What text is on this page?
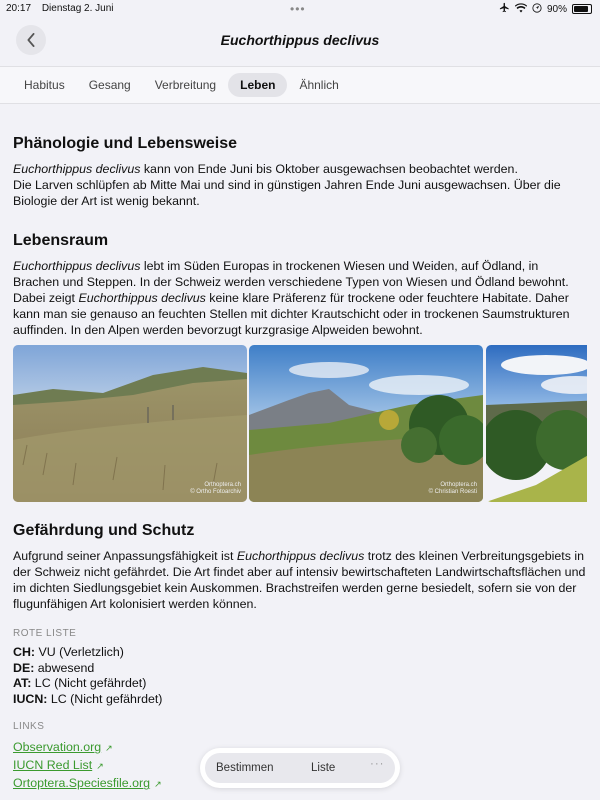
20:17 Dienstag 2. Juni	•••	90%
Euchorthippus declivus
Habitus	Gesang	Verbreitung	Leben	Ähnlich
Phänologie und Lebensweise

Euchorthippus declivus kann von Ende Juni bis Oktober ausgewachsen beobachtet werden.
Die Larven schlüpfen ab Mitte Mai und sind in günstigen Jahren Ende Juni ausgewachsen. Über die Biologie der Art ist wenig bekannt.

Lebensraum

Euchorthippus declivus lebt im Süden Europas in trockenen Wiesen und Weiden, auf Ödland, in Brachen und Steppen. In der Schweiz werden verschiedene Typen von Wiesen und Ödland bewohnt. Dabei zeigt Euchorthippus declivus keine klare Präferenz für trockene oder feuchtere Habitate. Daher kann man sie genauso an feuchten Stellen mit dichter Krautschicht oder in trockenen Saumstrukturen auffinden. In den Alpen werden bevorzugt kurzgrasige Alpweiden bewohnt.

Orthoptera.ch
© Ortho Fotoarchiv
Orthoptera.ch
© Christian Roesti
Gefährdung und Schutz

Aufgrund seiner Anpassungsfähigkeit ist Euchorthippus declivus trotz des kleinen Verbreitungsgebiets in der Schweiz nicht gefährdet. Die Art findet aber auf intensiv bewirtschafteten Landwirtschaftsflächen und im dichten Siedlungsgebiet kein Auskommen. Brachstreifen werden gerne besiedelt, sofern sie von der flugunfähigen Art kolonisiert werden können.

ROTE LISTE
CH: VU (Verletzlich)
DE: abwesend
AT: LC (Nicht gefährdet)
IUCN: LC (Nicht gefährdet)
LINKS
Observation.org ↗
IUCN Red List ↗
Ortoptera.Speciesfile.org ↗
Bestimmen	Liste	···
